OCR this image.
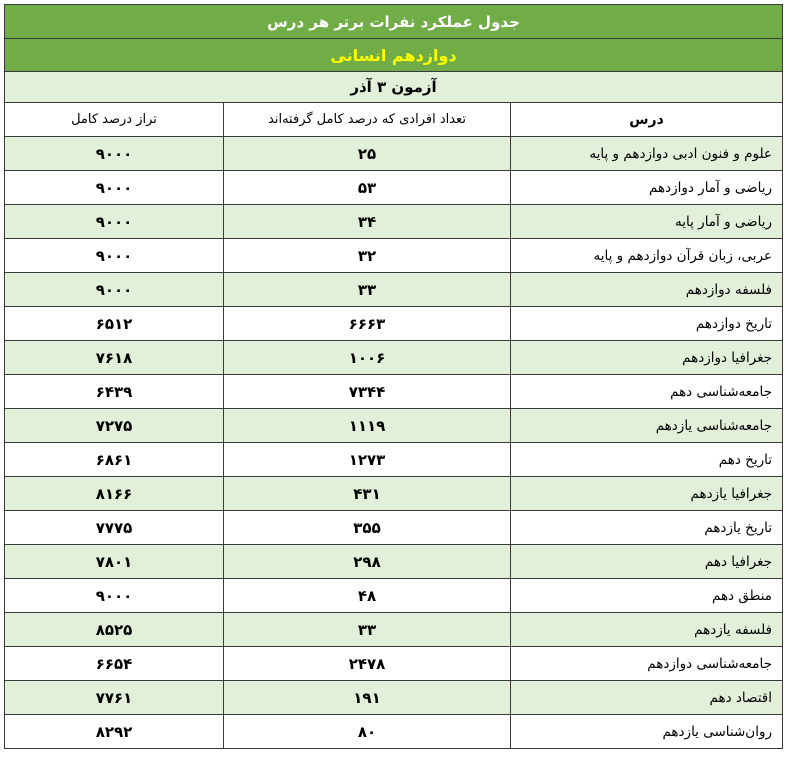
جدول عملکرد نفرات برتر هر درس		
دوازدهم انسانی		
آزمون ۳ آذر		
درس	تعداد افرادی که درصد کامل گرفته‌اند	تراز درصد کامل
علوم و فنون ادبی دوازدهم و پایه	۲۵	۹۰۰۰
ریاضی و آمار دوازدهم	۵۳	۹۰۰۰
ریاضی و آمار پایه	۳۴	۹۰۰۰
عربی، زبان قرآن دوازدهم و پایه	۳۲	۹۰۰۰
فلسفه دوازدهم	۳۳	۹۰۰۰
تاریخ دوازدهم	۶۶۶۳	۶۵۱۲
جغرافیا دوازدهم	۱۰۰۶	۷۶۱۸
جامعه‌شناسی دهم	۷۳۴۴	۶۴۳۹
جامعه‌شناسی یازدهم	۱۱۱۹	۷۲۷۵
تاریخ دهم	۱۲۷۳	۶۸۶۱
جغرافیا یازدهم	۴۳۱	۸۱۶۶
تاریخ یازدهم	۳۵۵	۷۷۷۵
جغرافیا دهم	۲۹۸	۷۸۰۱
منطق دهم	۴۸	۹۰۰۰
فلسفه یازدهم	۳۳	۸۵۲۵
جامعه‌شناسی دوازدهم	۲۴۷۸	۶۶۵۴
اقتصاد دهم	۱۹۱	۷۷۶۱
روان‌شناسی یازدهم	۸۰	۸۲۹۲
